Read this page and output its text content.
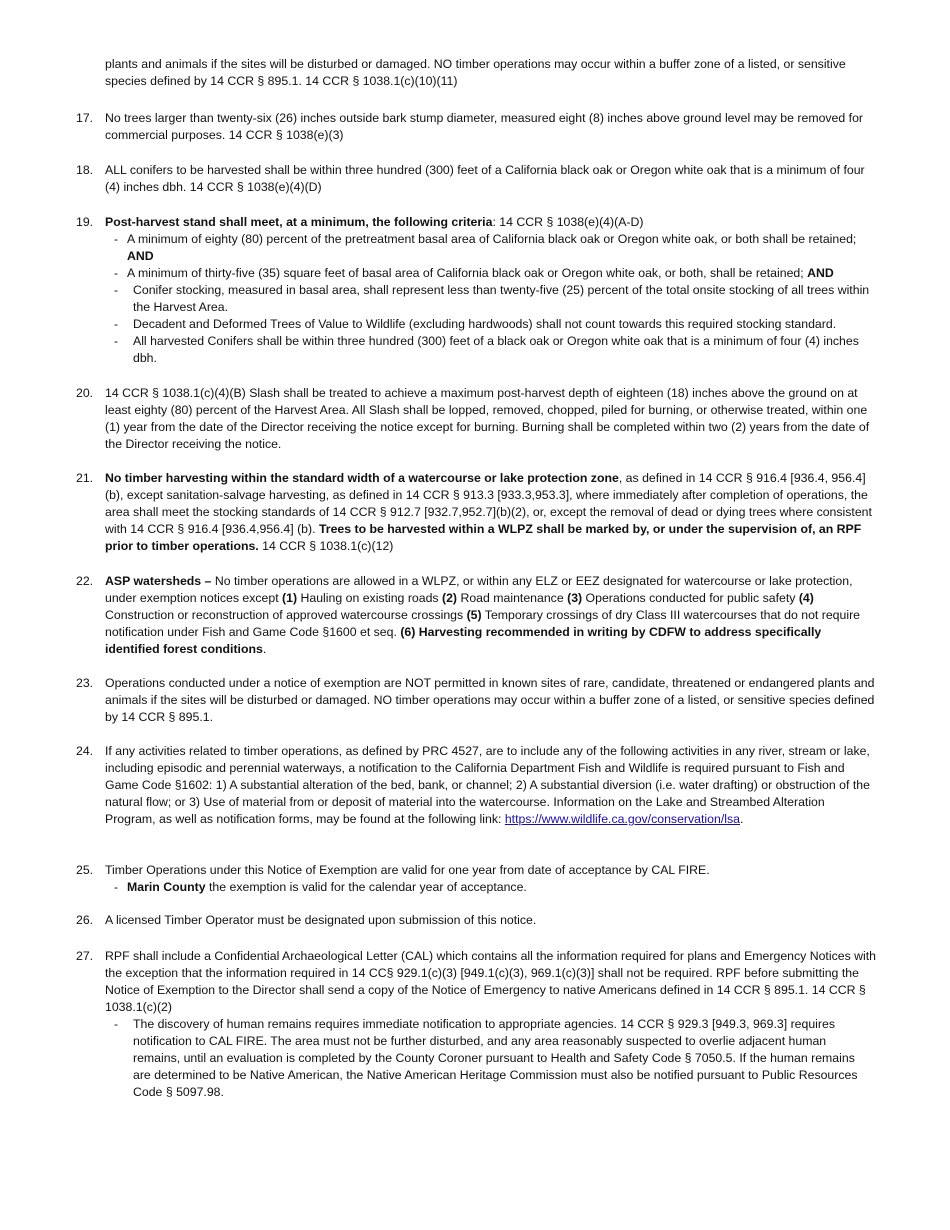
plants and animals if the sites will be disturbed or damaged. NO timber operations may occur within a buffer zone of a listed, or sensitive species defined by 14 CCR § 895.1. 14 CCR § 1038.1(c)(10)(11)

17. No trees larger than twenty-six (26) inches outside bark stump diameter, measured eight (8) inches above ground level may be removed for commercial purposes. 14 CCR § 1038(e)(3)

18. ALL conifers to be harvested shall be within three hundred (300) feet of a California black oak or Oregon white oak that is a minimum of four (4) inches dbh. 14 CCR § 1038(e)(4)(D)

19. Post-harvest stand shall meet, at a minimum, the following criteria: 14 CCR § 1038(e)(4)(A-D)

- A minimum of eighty (80) percent of the pretreatment basal area of California black oak or Oregon white oak, or both shall be retained; AND
- A minimum of thirty-five (35) square feet of basal area of California black oak or Oregon white oak, or both, shall be retained; AND
- Conifer stocking, measured in basal area, shall represent less than twenty-five (25) percent of the total onsite stocking of all trees within the Harvest Area.
- Decadent and Deformed Trees of Value to Wildlife (excluding hardwoods) shall not count towards this required stocking standard.
- All harvested Conifers shall be within three hundred (300) feet of a black oak or Oregon white oak that is a minimum of four (4) inches dbh.
20. 14 CCR § 1038.1(c)(4)(B) Slash shall be treated to achieve a maximum post-harvest depth of eighteen (18) inches above the ground on at least eighty (80) percent of the Harvest Area. All Slash shall be lopped, removed, chopped, piled for burning, or otherwise treated, within one (1) year from the date of the Director receiving the notice except for burning. Burning shall be completed within two (2) years from the date of the Director receiving the notice.

21. No timber harvesting within the standard width of a watercourse or lake protection zone, as defined in 14 CCR § 916.4 [936.4, 956.4](b), except sanitation-salvage harvesting, as defined in 14 CCR § 913.3 [933.3,953.3], where immediately after completion of operations, the area shall meet the stocking standards of 14 CCR § 912.7 [932.7,952.7](b)(2), or, except the removal of dead or dying trees where consistent with 14 CCR § 916.4 [936.4,956.4] (b). Trees to be harvested within a WLPZ shall be marked by, or under the supervision of, an RPF prior to timber operations. 14 CCR § 1038.1(c)(12)

22. ASP watersheds – No timber operations are allowed in a WLPZ, or within any ELZ or EEZ designated for watercourse or lake protection, under exemption notices except (1) Hauling on existing roads (2) Road maintenance (3) Operations conducted for public safety (4) Construction or reconstruction of approved watercourse crossings (5) Temporary crossings of dry Class III watercourses that do not require notification under Fish and Game Code §1600 et seq. (6) Harvesting recommended in writing by CDFW to address specifically identified forest conditions.

23. Operations conducted under a notice of exemption are NOT permitted in known sites of rare, candidate, threatened or endangered plants and animals if the sites will be disturbed or damaged. NO timber operations may occur within a buffer zone of a listed, or sensitive species defined by 14 CCR § 895.1.

24. If any activities related to timber operations, as defined by PRC 4527, are to include any of the following activities in any river, stream or lake, including episodic and perennial waterways, a notification to the California Department Fish and Wildlife is required pursuant to Fish and Game Code §1602: 1) A substantial alteration of the bed, bank, or channel; 2) A substantial diversion (i.e. water drafting) or obstruction of the natural flow; or 3) Use of material from or deposit of material into the watercourse. Information on the Lake and Streambed Alteration Program, as well as notification forms, may be found at the following link: https://www.wildlife.ca.gov/conservation/lsa.

25. Timber Operations under this Notice of Exemption are valid for one year from date of acceptance by CAL FIRE.

- Marin County the exemption is valid for the calendar year of acceptance.
26. A licensed Timber Operator must be designated upon submission of this notice.

27. RPF shall include a Confidential Archaeological Letter (CAL) which contains all the information required for plans and Emergency Notices with the exception that the information required in 14 CC§ 929.1(c)(3) [949.1(c)(3), 969.1(c)(3)] shall not be required. RPF before submitting the Notice of Exemption to the Director shall send a copy of the Notice of Emergency to native Americans defined in 14 CCR § 895.1. 14 CCR § 1038.1(c)(2)

- The discovery of human remains requires immediate notification to appropriate agencies. 14 CCR § 929.3 [949.3, 969.3] requires notification to CAL FIRE. The area must not be further disturbed, and any area reasonably suspected to overlie adjacent human remains, until an evaluation is completed by the County Coroner pursuant to Health and Safety Code § 7050.5. If the human remains are determined to be Native American, the Native American Heritage Commission must also be notified pursuant to Public Resources Code § 5097.98.
